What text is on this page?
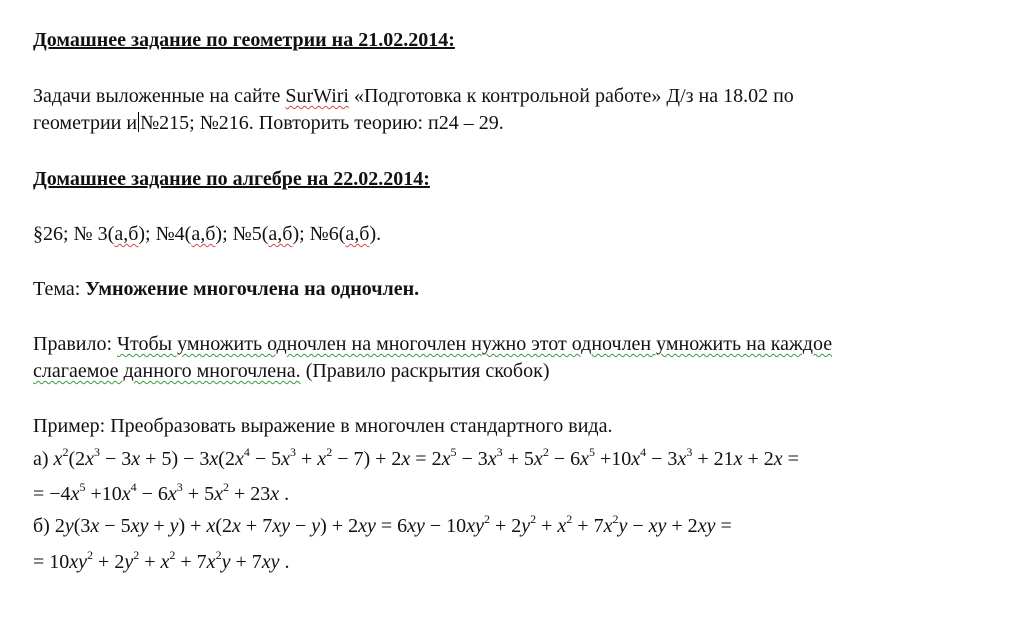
Домашнее задание по геометрии на 21.02.2014:
Задачи выложенные на сайте SurWiri «Подготовка к контрольной работе» Д/з на 18.02 по
геометрии и №215; №216. Повторить теорию: п24 – 29.
Домашнее задание по алгебре на 22.02.2014:
§26; № 3(а,б); №4(а,б); №5(а,б); №6(а,б).
Тема: Умножение многочлена на одночлен.
Правило: Чтобы умножить одночлен на многочлен нужно этот одночлен умножить на каждое
слагаемое данного многочлена. (Правило раскрытия скобок)
Пример: Преобразовать выражение в многочлен стандартного вида.
а) $x^2(2x^3 - 3x + 5) - 3x(2x^4 - 5x^3 + x^2 - 7) + 2x = 2x^5 - 3x^3 + 5x^2 - 6x^5 +10x^4 - 3x^3 + 21x + 2x$ =
= $-4x^5 +10x^4 - 6x^3 + 5x^2 + 23x$ .
б) $2y(3x - 5xy + y) + x(2x + 7xy - y) + 2xy = 6xy - 10xy^2 + 2y^2 + x^2 + 7x^2y$ − xy + 2xy =
= $10xy^2 + 2y^2 + x^2 + 7x^2y + 7xy$ .
